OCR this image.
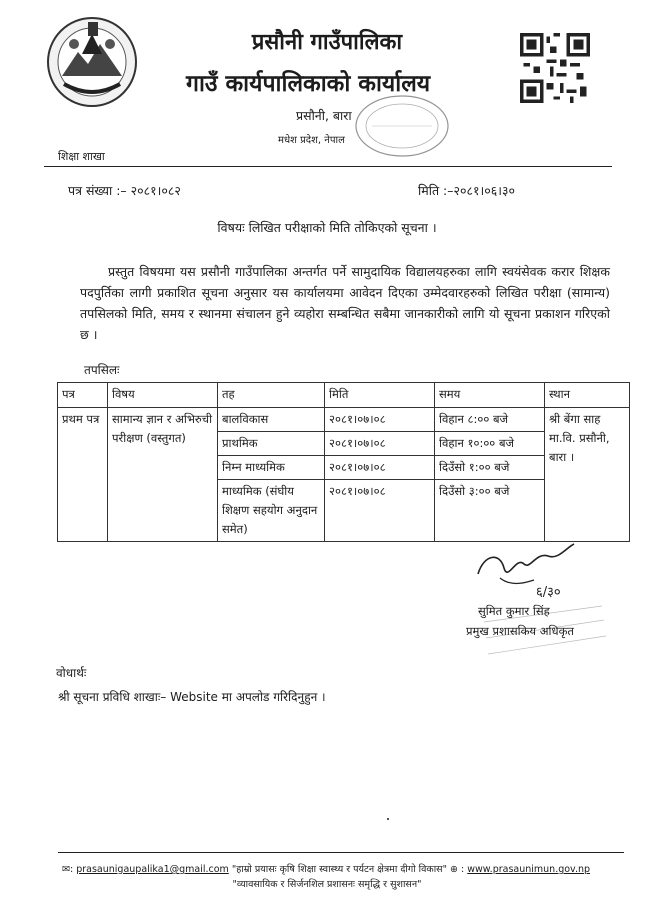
प्रसौनी गाउँपालिका
गाउँ कार्यपालिकाको कार्यालय
प्रसौनी, बारा
मधेश प्रदेश, नेपाल
शिक्षा शाखा
पत्र संख्या :– २०८१।०८२	मिति :–२०८१।०६।३०
विषयः लिखित परीक्षाको मिति तोकिएको सूचना ।
प्रस्तुत विषयमा यस प्रसौनी गाउँपालिका अन्तर्गत पर्ने सामुदायिक विद्यालयहरुका लागि स्वयंसेवक करार शिक्षक पदपुर्तिका लागी प्रकाशित सूचना अनुसार यस कार्यालयमा आवेदन दिएका उम्मेदवारहरुको लिखित परीक्षा (सामान्य) तपसिलको मिति, समय र स्थानमा संचालन हुने व्यहोरा सम्बन्धित सबैमा जानकारीको लागि यो सूचना प्रकाशन गरिएको छ ।
तपसिलः
पत्र	विषय	तह	मिति	समय	स्थान
प्रथम पत्र	सामान्य ज्ञान र अभिरुची परीक्षण (वस्तुगत)	बालविकास	२०८१।०७।०८	विहान ८:०० बजे	श्री बेंगा साह मा.वि. प्रसौनी, बारा ।
		प्राथमिक	२०८१।०७।०८	विहान १०:०० बजे	
		निम्न माध्यमिक	२०८१।०७।०८	दिउँसो १:०० बजे	
		माध्यमिक (संघीय शिक्षण सहयोग अनुदान समेत)	२०८१।०७।०८	दिउँसो ३:०० बजे	
६/३०
सुमित कुमार सिंह
प्रमुख प्रशासकिय अधिकृत
वोधार्थः
श्री सूचना प्रविधि शाखाः– Website मा अपलोड गरिदिनुहुन ।
✉: prasaunigaupalika1@gmail.com "हाम्रो प्रयासः कृषि शिक्षा स्वास्थ्य र पर्यटन क्षेत्रमा दीगो विकास" ⊕ : www.prasaunimun.gov.np
"व्यावसायिक र सिर्जनशिल प्रशासनः समृद्धि र सुशासन"
